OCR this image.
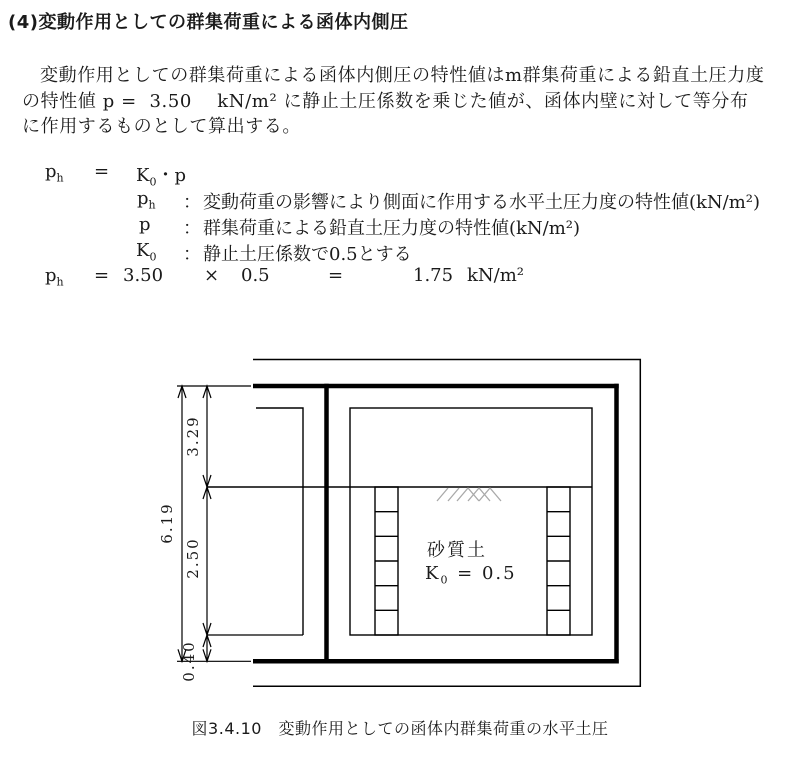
(4)変動作用としての群集荷重による函体内側圧
変動作用としての群集荷重による函体内側圧の特性値はm群集荷重による鉛直土圧力度
の特性値 p =  3.50    kN/m² に静止土圧係数を乗じた値が、函体内壁に対して等分布
に作用するものとして算出する。
$p_h = K_0$・p
$p_h$ ： 変動荷重の影響により側面に作用する水平土圧力度の特性値(kN/m²)
p ： 群集荷重による鉛直土圧力度の特性値(kN/m²)
$K_0$ ： 静止土圧係数で0.5とする
$p_h = 3.50 \times 0.5$	=	1.75 kN/m²
6.19
3.29
2.50
0.40
砂質土
$K_0 = 0.5$
図3.4.10　変動作用としての函体内群集荷重の水平土圧
